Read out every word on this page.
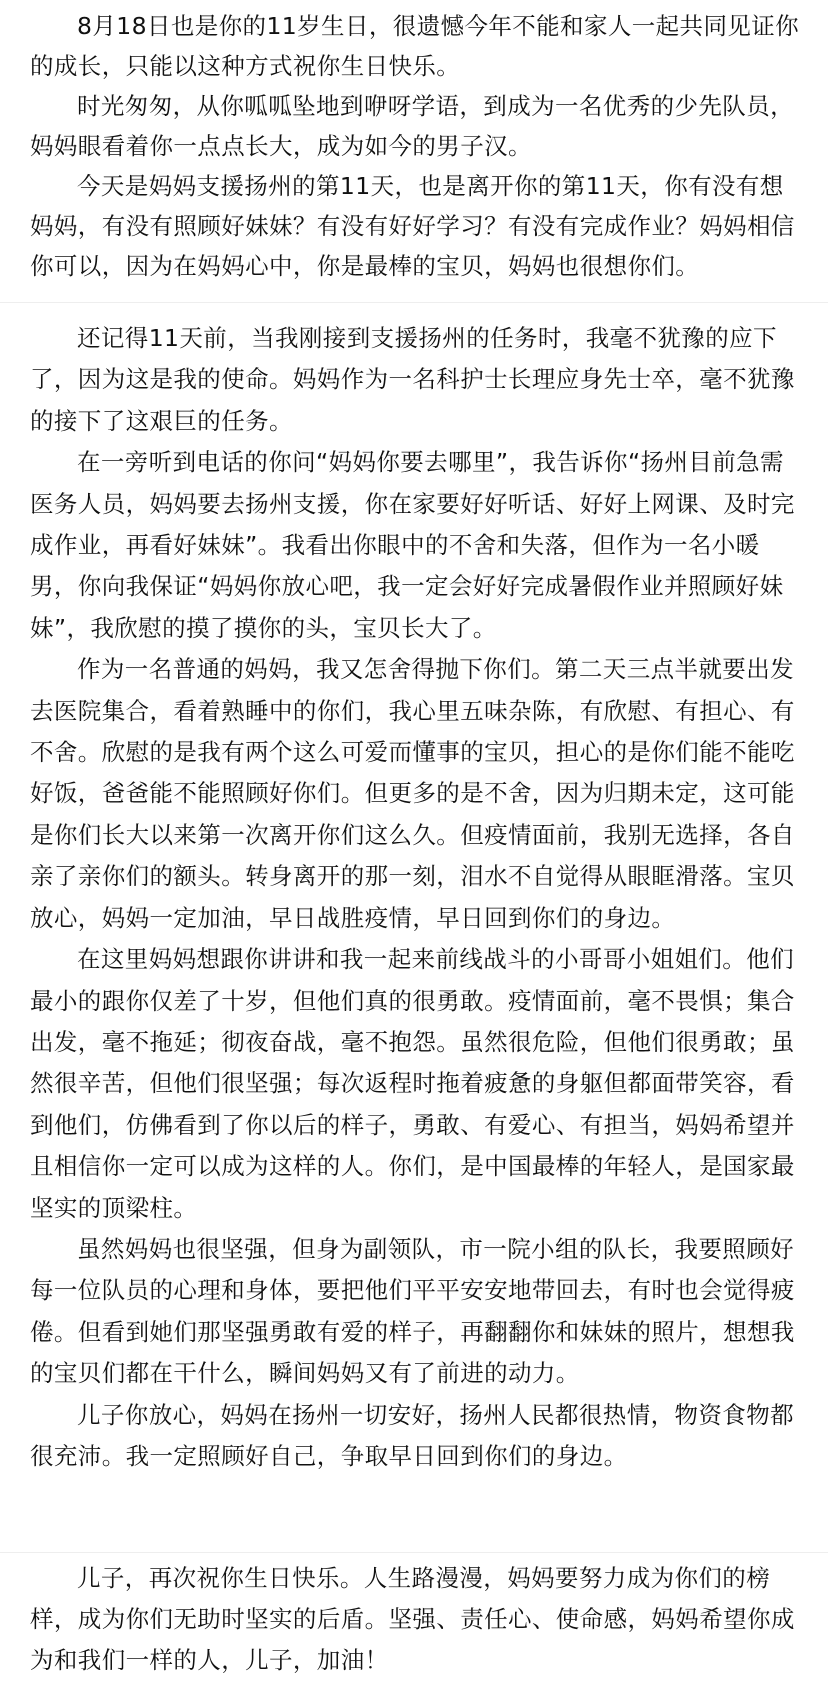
8月18日也是你的11岁生日，很遗憾今年不能和家人一起共同见证你的成长，只能以这种方式祝你生日快乐。

时光匆匆，从你呱呱坠地到咿呀学语，到成为一名优秀的少先队员，妈妈眼看着你一点点长大，成为如今的男子汉。

今天是妈妈支援扬州的第11天，也是离开你的第11天，你有没有想妈妈，有没有照顾好妹妹？有没有好好学习？有没有完成作业？妈妈相信你可以，因为在妈妈心中，你是最棒的宝贝，妈妈也很想你们。

还记得11天前，当我刚接到支援扬州的任务时，我毫不犹豫的应下了，因为这是我的使命。妈妈作为一名科护士长理应身先士卒，毫不犹豫的接下了这艰巨的任务。

在一旁听到电话的你问“妈妈你要去哪里”，我告诉你“扬州目前急需医务人员，妈妈要去扬州支援，你在家要好好听话、好好上网课、及时完成作业，再看好妹妹”。我看出你眼中的不舍和失落，但作为一名小暖男，你向我保证“妈妈你放心吧，我一定会好好完成暑假作业并照顾好妹妹”，我欣慰的摸了摸你的头，宝贝长大了。

作为一名普通的妈妈，我又怎舍得抛下你们。第二天三点半就要出发去医院集合，看着熟睡中的你们，我心里五味杂陈，有欣慰、有担心、有不舍。欣慰的是我有两个这么可爱而懂事的宝贝，担心的是你们能不能吃好饭，爸爸能不能照顾好你们。但更多的是不舍，因为归期未定，这可能是你们长大以来第一次离开你们这么久。但疫情面前，我别无选择，各自亲了亲你们的额头。转身离开的那一刻，泪水不自觉得从眼眶滑落。宝贝放心，妈妈一定加油，早日战胜疫情，早日回到你们的身边。

在这里妈妈想跟你讲讲和我一起来前线战斗的小哥哥小姐姐们。他们最小的跟你仅差了十岁，但他们真的很勇敢。疫情面前，毫不畏惧；集合出发，毫不拖延；彻夜奋战，毫不抱怨。虽然很危险，但他们很勇敢；虽然很辛苦，但他们很坚强；每次返程时拖着疲惫的身躯但都面带笑容，看到他们，仿佛看到了你以后的样子，勇敢、有爱心、有担当，妈妈希望并且相信你一定可以成为这样的人。你们，是中国最棒的年轻人，是国家最坚实的顶梁柱。

虽然妈妈也很坚强，但身为副领队，市一院小组的队长，我要照顾好每一位队员的心理和身体，要把他们平平安安地带回去，有时也会觉得疲倦。但看到她们那坚强勇敢有爱的样子，再翻翻你和妹妹的照片，想想我的宝贝们都在干什么，瞬间妈妈又有了前进的动力。

儿子你放心，妈妈在扬州一切安好，扬州人民都很热情，物资食物都很充沛。我一定照顾好自己，争取早日回到你们的身边。

儿子，再次祝你生日快乐。人生路漫漫，妈妈要努力成为你们的榜样，成为你们无助时坚实的后盾。坚强、责任心、使命感，妈妈希望你成为和我们一样的人，儿子，加油！
